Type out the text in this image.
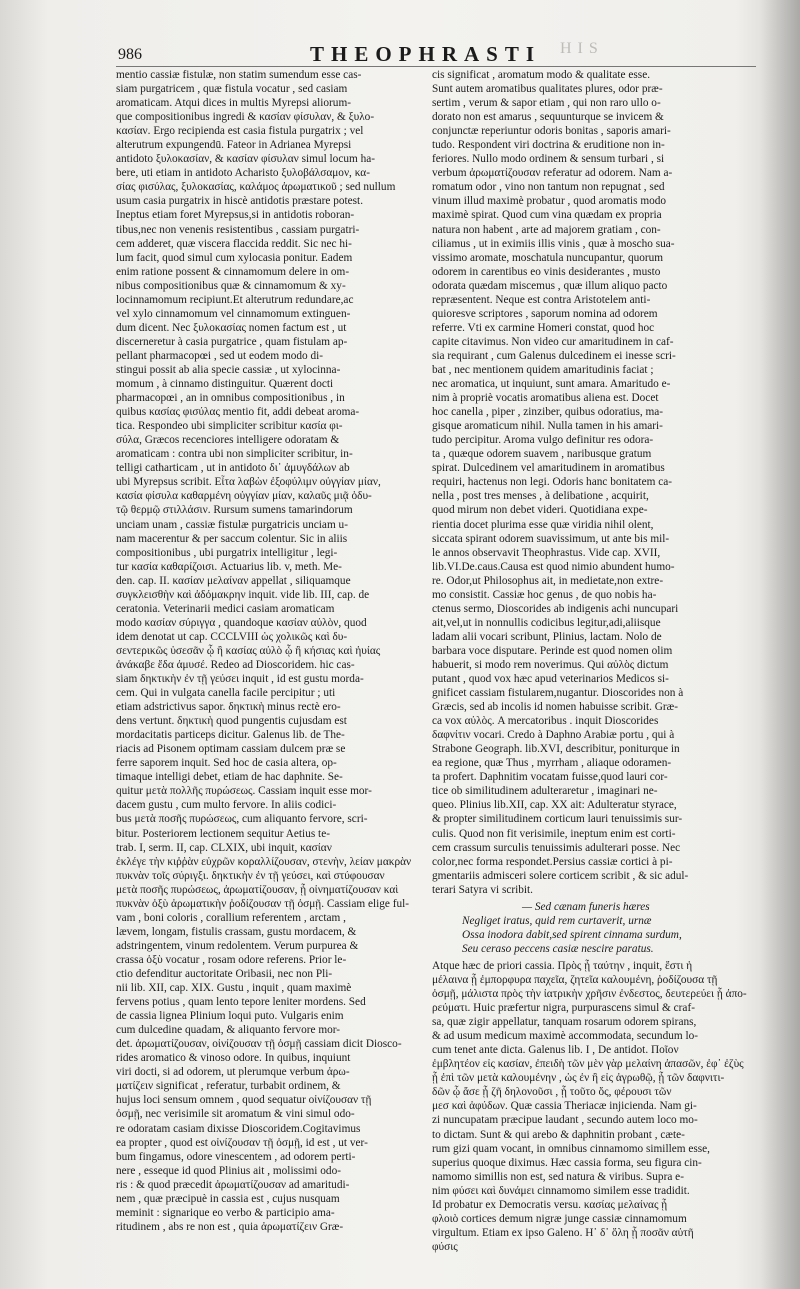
HIS
986	THEOPHRASTI
mentio cassiæ fistulæ, non statim sumendum esse cas-
siam purgatricem , quæ fistula vocatur , sed casiam
aromaticam. Atqui dices in multis Myrepsi aliorum-
que compositionibus ingredi & κασίαν φίσυλαν, & ξυλο-
κασίαν. Ergo recipienda est casia fistula purgatrix ; vel
alterutrum expungendū. Fateor in Adrianea Myrepsi
antidoto ξυλοκασίαν, & κασίαν φίσυλαν simul locum ha-
bere, uti etiam in antidoto Acharisto ξυλοβάλσαμον, κα-
σίας φισύλας, ξυλοκασίας, καλάμος ἀρωματικοῦ ; sed nullum
usum casia purgatrix in hiscè antidotis præstare potest.
Ineptus etiam foret Myrepsus,si in antidotis roboran-
tibus,nec non venenis resistentibus , cassiam purgatri-
cem adderet, quæ viscera flaccida reddit. Sic nec hi-
lum facit, quod simul cum xylocasia ponitur. Eadem
enim ratione possent & cinnamomum delere in om-
nibus compositionibus quæ & cinnamomum & xy-
locinnamomum recipiunt.Et alterutrum redundare,ac
vel xylo cinnamomum vel cinnamomum extinguen-
dum dicent. Nec ξυλοκασίας nomen factum est , ut
discerneretur à casia purgatrice , quam fistulam ap-
pellant pharmacopœi , sed ut eodem modo di-
stingui possit ab alia specie cassiæ , ut xylocinna-
momum , à cinnamo distinguitur. Quærent docti
pharmacopœi , an in omnibus compositionibus , in
quibus κασίας φισύλας mentio fit, addi debeat aroma-
tica. Respondeo ubi simpliciter scribitur κασία φι-
σύλα, Græcos recenciores intelligere odoratam &
aromaticam : contra ubi non simpliciter scribitur, in-
telligi catharticam , ut in antidoto δι᾽ ἀμυγδάλων ab
ubi Myrepsus scribit. Εἶτα λαβὼν ἐξοφύλιμν οὐγγίαν μίαν,
κασία φίσυλα καθαρμένη οὐγγίαν μίαν, καλαῦς μιᾷ ὁδυ-
τῷ θερμῷ στιλλάσιν. Rursum sumens tamarindorum
unciam unam , cassiæ fistulæ purgatricis unciam u-
nam macerentur & per saccum colentur. Sic in aliis
compositionibus , ubi purgatrix intelligitur , legi-
tur κασία καθαρίζοισι. Actuarius lib. v, meth. Me-
den. cap. II. κασίαν μελαίναν appellat , siliquamque
συγκλεισθὴν καὶ ἀδόμακρην inquit. vide lib. III, cap. de
ceratonia. Veterinarii medici casiam aromaticam
modo κασίαν σύριγγα , quandoque κασίαν αὐλὸν, quod
idem denotat ut cap. CCCLVIII ὡς χολικῶς καὶ δυ-
σεντερικῶς ὑσεσᾶν ᾧ ἢ κασίας αὐλὸ ᾧ ἢ κήσιας καὶ ἠυίας
ἀνάκαβε ἔδα ἀμυσέ. Redeo ad Dioscoridem. hic cas-
siam δηκτικὴν ἐν τῇ γεύσει inquit , id est gustu morda-
cem. Qui in vulgata canella facile percipitur ; uti
etiam adstrictivus sapor. δηκτικὴ minus rectè ero-
dens vertunt. δηκτικὴ quod pungentis cujusdam est
mordacitatis particeps dicitur. Galenus lib. de The-
riacis ad Pisonem optimam cassiam dulcem præ se
ferre saporem inquit. Sed hoc de casia altera, op-
timaque intelligi debet, etiam de hac daphnite. Se-
quitur μετὰ πολλῆς πυρώσεως. Cassiam inquit esse mor-
dacem gustu , cum multo fervore. In aliis codici-
bus μετὰ ποσῆς πυρώσεως, cum aliquanto fervore, scri-
bitur. Posteriorem lectionem sequitur Aetius te-
trab. I, serm. II, cap. CLXIX, ubi inquit, κασίαν
ἐκλέγε τὴν κιῤῥὰν εὐχρῶν κοραλλίζουσαν, στενὴν, λείαν μακρὰν
πυκνὰν τοῖς σύριγξι. δηκτικὴν ἐν τῇ γεύσει, καὶ στύφουσαν
μετὰ ποσῆς πυρώσεως, ἀρωματίζουσαν, ᾗ οἰνηματίζουσαν καὶ
πυκνὰν ὀξὺ ἀρωματικὴν ῥοδίζουσαν τῇ ὀσμῇ. Cassiam elige ful-
vam , boni coloris , corallium referentem , arctam ,
lævem, longam, fistulis crassam, gustu mordacem, &
adstringentem, vinum redolentem. Verum purpurea &
crassa ὀξὺ vocatur , rosam odore referens. Prior le-
ctio defenditur auctoritate Oribasii, nec non Pli-
nii lib. XII, cap. XIX. Gustu , inquit , quam maximè
fervens potius , quam lento tepore leniter mordens. Sed
de cassia lignea Plinium loqui puto. Vulgaris enim
cum dulcedine quadam, & aliquanto fervore mor-
det. ἀρωματίζουσαν, οἰνίζουσαν τῇ ὀσμῇ cassiam dicit Diosco-
rides aromatico & vinoso odore. In quibus, inquiunt
viri docti, si ad odorem, ut plerumque verbum ἀρω-
ματίζειν significat , referatur, turbabit ordinem, &
hujus loci sensum omnem , quod sequatur οἰνίζουσαν τῇ
ὀσμῇ, nec verisimile sit aromatum & vini simul odo-
re odoratam casiam dixisse Dioscoridem.Cogitavimus
ea propter , quod est οἰνίζουσαν τῇ ὀσμῇ, id est , ut ver-
bum fingamus, odore vinescentem , ad odorem perti-
nere , esseque id quod Plinius ait , molissimi odo-
ris : & quod præcedit ἀρωματίζουσαν ad amaritudi-
nem , quæ præcipuè in cassia est , cujus nusquam
meminit : signarique eo verbo & participio ama-
ritudinem , abs re non est , quia ἀρωματίζειν Græ-
cis significat , aromatum modo & qualitate esse.
Sunt autem aromatibus qualitates plures, odor præ-
sertim , verum & sapor etiam , qui non raro ullo o-
dorato non est amarus , sequunturque se invicem &
conjunctæ reperiuntur odoris bonitas , saporis amari-
tudo. Respondent viri doctrina & eruditione non in-
feriores. Nullo modo ordinem & sensum turbari , si
verbum ἀρωματίζουσαν referatur ad odorem. Nam a-
romatum odor , vino non tantum non repugnat , sed
vinum illud maximè probatur , quod aromatis modo
maximè spirat. Quod cum vina quædam ex propria
natura non habent , arte ad majorem gratiam , con-
ciliamus , ut in eximiis illis vinis , quæ à moscho sua-
vissimo aromate, moschatula nuncupantur, quorum
odorem in carentibus eo vinis desiderantes , musto
odorata quædam miscemus , quæ illum aliquo pacto
repræsentent. Neque est contra Aristotelem anti-
quioresve scriptores , saporum nomina ad odorem
referre. Vti ex carmine Homeri constat, quod hoc
capite citavimus. Non video cur amaritudinem in caf-
sia requirant , cum Galenus dulcedinem ei inesse scri-
bat , nec mentionem quidem amaritudinis faciat ;
nec aromatica, ut inquiunt, sunt amara. Amaritudo e-
nim à propriè vocatis aromatibus aliena est. Docet
hoc canella , piper , zinziber, quibus odoratius, ma-
gisque aromaticum nihil. Nulla tamen in his amari-
tudo percipitur. Aroma vulgo definitur res odora-
ta , quæque odorem suavem , naribusque gratum
spirat. Dulcedinem vel amaritudinem in aromatibus
requiri, hactenus non legi. Odoris hanc bonitatem ca-
nella , post tres menses , à delibatione , acquirit,
quod mirum non debet videri. Quotidiana expe-
rientia docet plurima esse quæ viridia nihil olent,
siccata spirant odorem suavissimum, ut ante bis mil-
le annos observavit Theophrastus. Vide cap. XVII,
lib.VI.De.caus.Causa est quod nimio abundent humo-
re. Odor,ut Philosophus ait, in medietate,non extre-
mo consistit. Cassiæ hoc genus , de quo nobis ha-
ctenus sermo, Dioscorides ab indigenis achi nuncupari
ait,vel,ut in nonnullis codicibus legitur,adi,aliisque
ladam alii vocari scribunt, Plinius, lactam. Nolo de
barbara voce disputare. Perinde est quod nomen olim
habuerit, si modo rem noverimus. Qui αὐλὸς dictum
putant , quod vox hæc apud veterinarios Medicos si-
gnificet cassiam fistularem,nugantur. Dioscorides non à
Græcis, sed ab incolis id nomen habuisse scribit. Græ-
ca vox αὐλὸς. A mercatoribus . inquit Dioscorides
δαφνίτιν vocari. Credo à Daphno Arabiæ portu , qui à
Strabone Geograph. lib.XVI, describitur, poniturque in
ea regione, quæ Thus , myrrham , aliaque odoramen-
ta profert. Daphnitim vocatam fuisse,quod lauri cor-
tice ob similitudinem adulteraretur , imaginari ne-
queo. Plinius lib.XII, cap. XX ait: Adulteratur styrace,
& propter similitudinem corticum lauri tenuissimis sur-
culis. Quod non fit verisimile, ineptum enim est corti-
cem crassum surculis tenuissimis adulterari posse. Nec
color,nec forma respondet.Persius cassiæ cortici à pi-
gmentariis admisceri solere corticem scribit , & sic adul-
terari Satyra vi scribit.
— Sed cænam funeris hæres
Negliget iratus, quid rem curtaverit, urnæ
Ossa inodora dabit,sed spirent cinnama surdum,
Seu ceraso peccens casiæ nescire paratus.
Atque hæc de priori cassia. Πρὸς ᾖ ταύτην , inquit, ἔστι ἡ
μέλαινα ᾗ ἐμπορφυρα παχεῖα, ζητεῖα καλουμένη, ῥοδίζουσα τῇ
ὀσμῇ, μάλιστα πρὸς τὴν ἰατρικὴν χρῆσιν ἐνδεστος, δευτερεύει ᾗ ἀπο-
ρεύματι. Huic præfertur nigra, purpurascens simul & craf-
sa, quæ zigir appellatur, tanquam rosarum odorem spirans,
& ad usum medicum maximè accommodata, secundum lo-
cum tenet ante dicta. Galenus lib. I , De antidot. Ποῖον
ἐμβλητέον εἰς κασίαν, ἐπειδὴ τῶν μὲν γὰρ μελαίνη ἀπασῶν, ἐφ᾽ ἐζὺς
ᾗ ἐπὶ τῶν μετὰ καλουμένην , ὡς ἐν ἢ εἰς ἀγρωθῷ, ᾗ τῶν δαφνιτι-
δῶν ᾧ ἄσε ᾗ ζῆ δηλονοῦσι , ᾗ τοῦτο ὅς, φέρουσι τῶν
μεσ καὶ ἀφύδων. Quæ cassia Theriacæ injicienda. Nam gi-
zi nuncupatam præcipue laudant , secundo autem loco mo-
to dictam. Sunt & qui arebo & daphnitin probant , cæte-
rum gizi quam vocant, in omnibus cinnamomo simillem esse,
superius quoque diximus. Hæc cassia forma, seu figura cin-
namomo simillis non est, sed natura & viribus. Supra e-
nim φύσει καὶ δυνάμει cinnamomo similem esse tradidit.
Id probatur ex Democratis versu. κασίας μελαίνας ᾗ
φλοιὸ cortices demum nigræ junge cassiæ cinnamomum
virgultum. Etiam ex ipso Galeno. Η᾽ δ᾽ ὅλη ᾗ ποσᾶν αὐτῆ
φύσις
